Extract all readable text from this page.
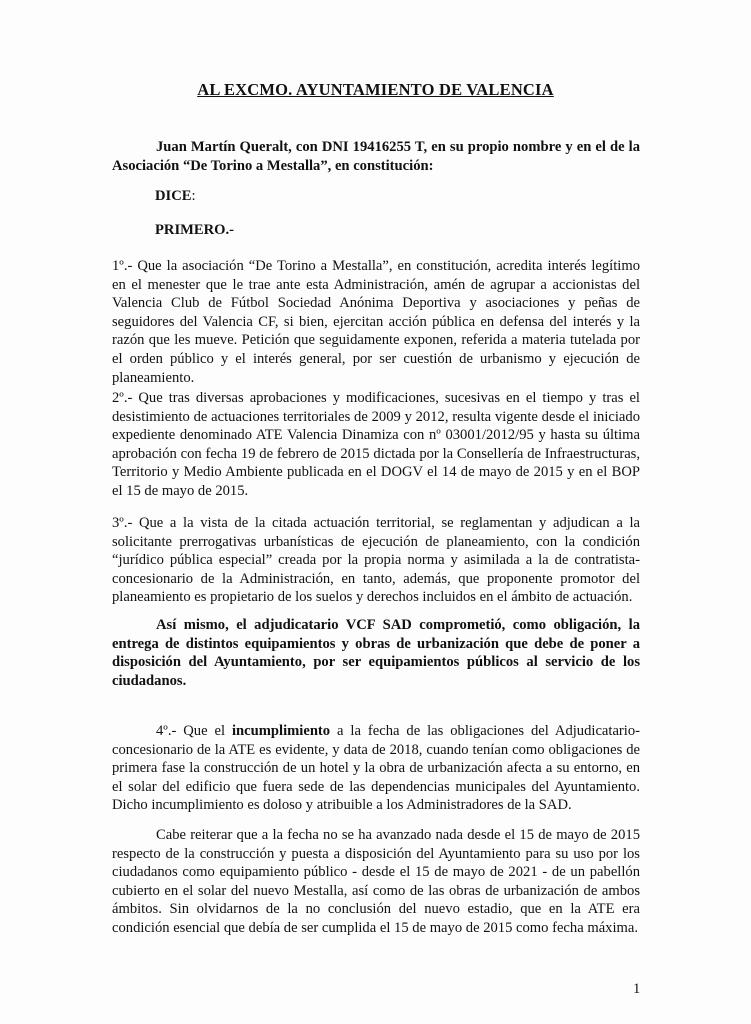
AL EXCMO. AYUNTAMIENTO DE VALENCIA
Juan Martín Queralt, con DNI 19416255 T, en su propio nombre y en el de la Asociación “De Torino a Mestalla”, en constitución:
DICE:
PRIMERO.-
1º.- Que la asociación “De Torino a Mestalla”, en constitución, acredita interés legítimo en el menester que le trae ante esta Administración, amén de agrupar a accionistas del Valencia Club de Fútbol Sociedad Anónima Deportiva y asociaciones y peñas de seguidores del Valencia CF, si bien, ejercitan acción pública en defensa del interés y la razón que les mueve. Petición que seguidamente exponen, referida a materia tutelada por el orden público y el interés general, por ser cuestión de urbanismo y ejecución de planeamiento.
2º.- Que tras diversas aprobaciones y modificaciones, sucesivas en el tiempo y tras el desistimiento de actuaciones territoriales de 2009 y 2012, resulta vigente desde el iniciado expediente denominado ATE Valencia Dinamiza con nº 03001/2012/95 y hasta su última aprobación con fecha 19 de febrero de 2015 dictada por la Consellería de Infraestructuras, Territorio y Medio Ambiente publicada en el DOGV el 14 de mayo de 2015 y en el BOP el 15 de mayo de 2015.
3º.- Que a la vista de la citada actuación territorial, se reglamentan y adjudican a la solicitante prerrogativas urbanísticas de ejecución de planeamiento, con la condición “jurídico pública especial” creada por la propia norma y asimilada a la de contratista-concesionario de la Administración, en tanto, además, que proponente promotor del planeamiento es propietario de los suelos y derechos incluidos en el ámbito de actuación.
Así mismo, el adjudicatario VCF SAD comprometió, como obligación, la entrega de distintos equipamientos y obras de urbanización que debe de poner a disposición del Ayuntamiento, por ser equipamientos públicos al servicio de los ciudadanos.
4º.- Que el incumplimiento a la fecha de las obligaciones del Adjudicatario-concesionario de la ATE es evidente, y data de 2018, cuando tenían como obligaciones de primera fase la construcción de un hotel y la obra de urbanización afecta a su entorno, en el solar del edificio que fuera sede de las dependencias municipales del Ayuntamiento. Dicho incumplimiento es doloso y atribuible a los Administradores de la SAD.
Cabe reiterar que a la fecha no se ha avanzado nada desde el 15 de mayo de 2015 respecto de la construcción y puesta a disposición del Ayuntamiento para su uso por los ciudadanos como equipamiento público - desde el 15 de mayo de 2021 - de un pabellón cubierto en el solar del nuevo Mestalla, así como de las obras de urbanización de ambos ámbitos. Sin olvidarnos de la no conclusión del nuevo estadio, que en la ATE era condición esencial que debía de ser cumplida el 15 de mayo de 2015 como fecha máxima.
1
